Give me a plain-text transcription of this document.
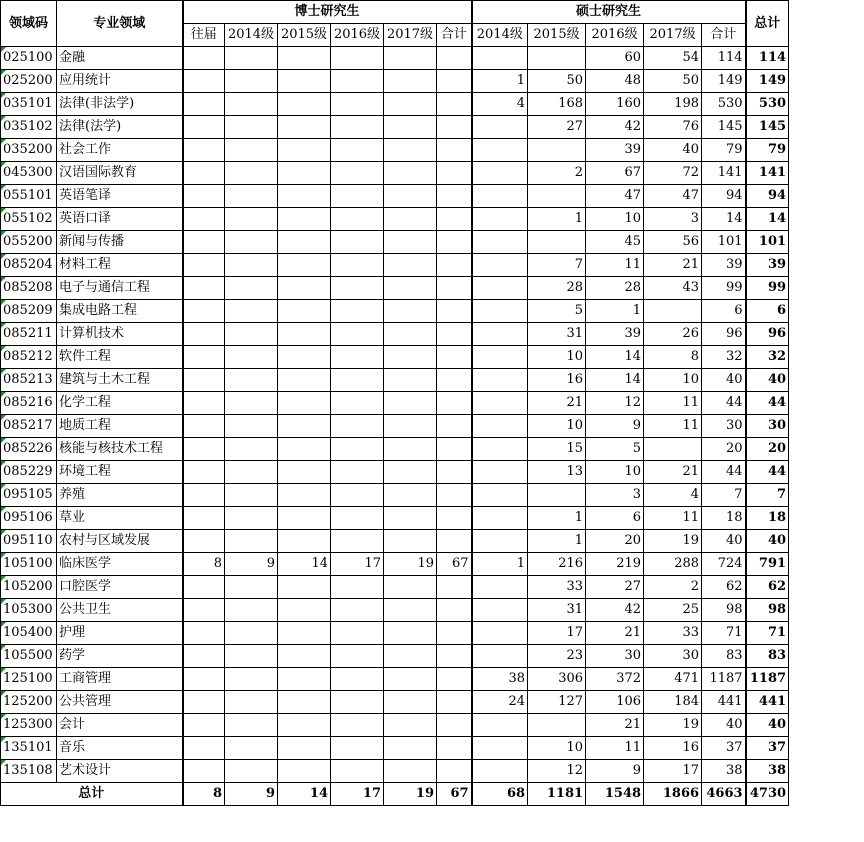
领域码	专业领域	博士研究生						硕士研究生					总计
		往届	2014级	2015级	2016级	2017级	合计	2014级	2015级	2016级	2017级	合计	
025100	金融									60	54	114	114
025200	应用统计							1	50	48	50	149	149
035101	法律(非法学)							4	168	160	198	530	530
035102	法律(法学)								27	42	76	145	145
035200	社会工作									39	40	79	79
045300	汉语国际教育								2	67	72	141	141
055101	英语笔译									47	47	94	94
055102	英语口译								1	10	3	14	14
055200	新闻与传播									45	56	101	101
085204	材料工程								7	11	21	39	39
085208	电子与通信工程								28	28	43	99	99
085209	集成电路工程								5	1		6	6
085211	计算机技术								31	39	26	96	96
085212	软件工程								10	14	8	32	32
085213	建筑与土木工程								16	14	10	40	40
085216	化学工程								21	12	11	44	44
085217	地质工程								10	9	11	30	30
085226	核能与核技术工程								15	5		20	20
085229	环境工程								13	10	21	44	44
095105	养殖									3	4	7	7
095106	草业								1	6	11	18	18
095110	农村与区域发展								1	20	19	40	40
105100	临床医学	8	9	14	17	19	67	1	216	219	288	724	791
105200	口腔医学								33	27	2	62	62
105300	公共卫生								31	42	25	98	98
105400	护理								17	21	33	71	71
105500	药学								23	30	30	83	83
125100	工商管理							38	306	372	471	1187	1187
125200	公共管理							24	127	106	184	441	441
125300	会计									21	19	40	40
135101	音乐								10	11	16	37	37
135108	艺术设计								12	9	17	38	38
总计		8	9	14	17	19	67	68	1181	1548	1866	4663	4730
